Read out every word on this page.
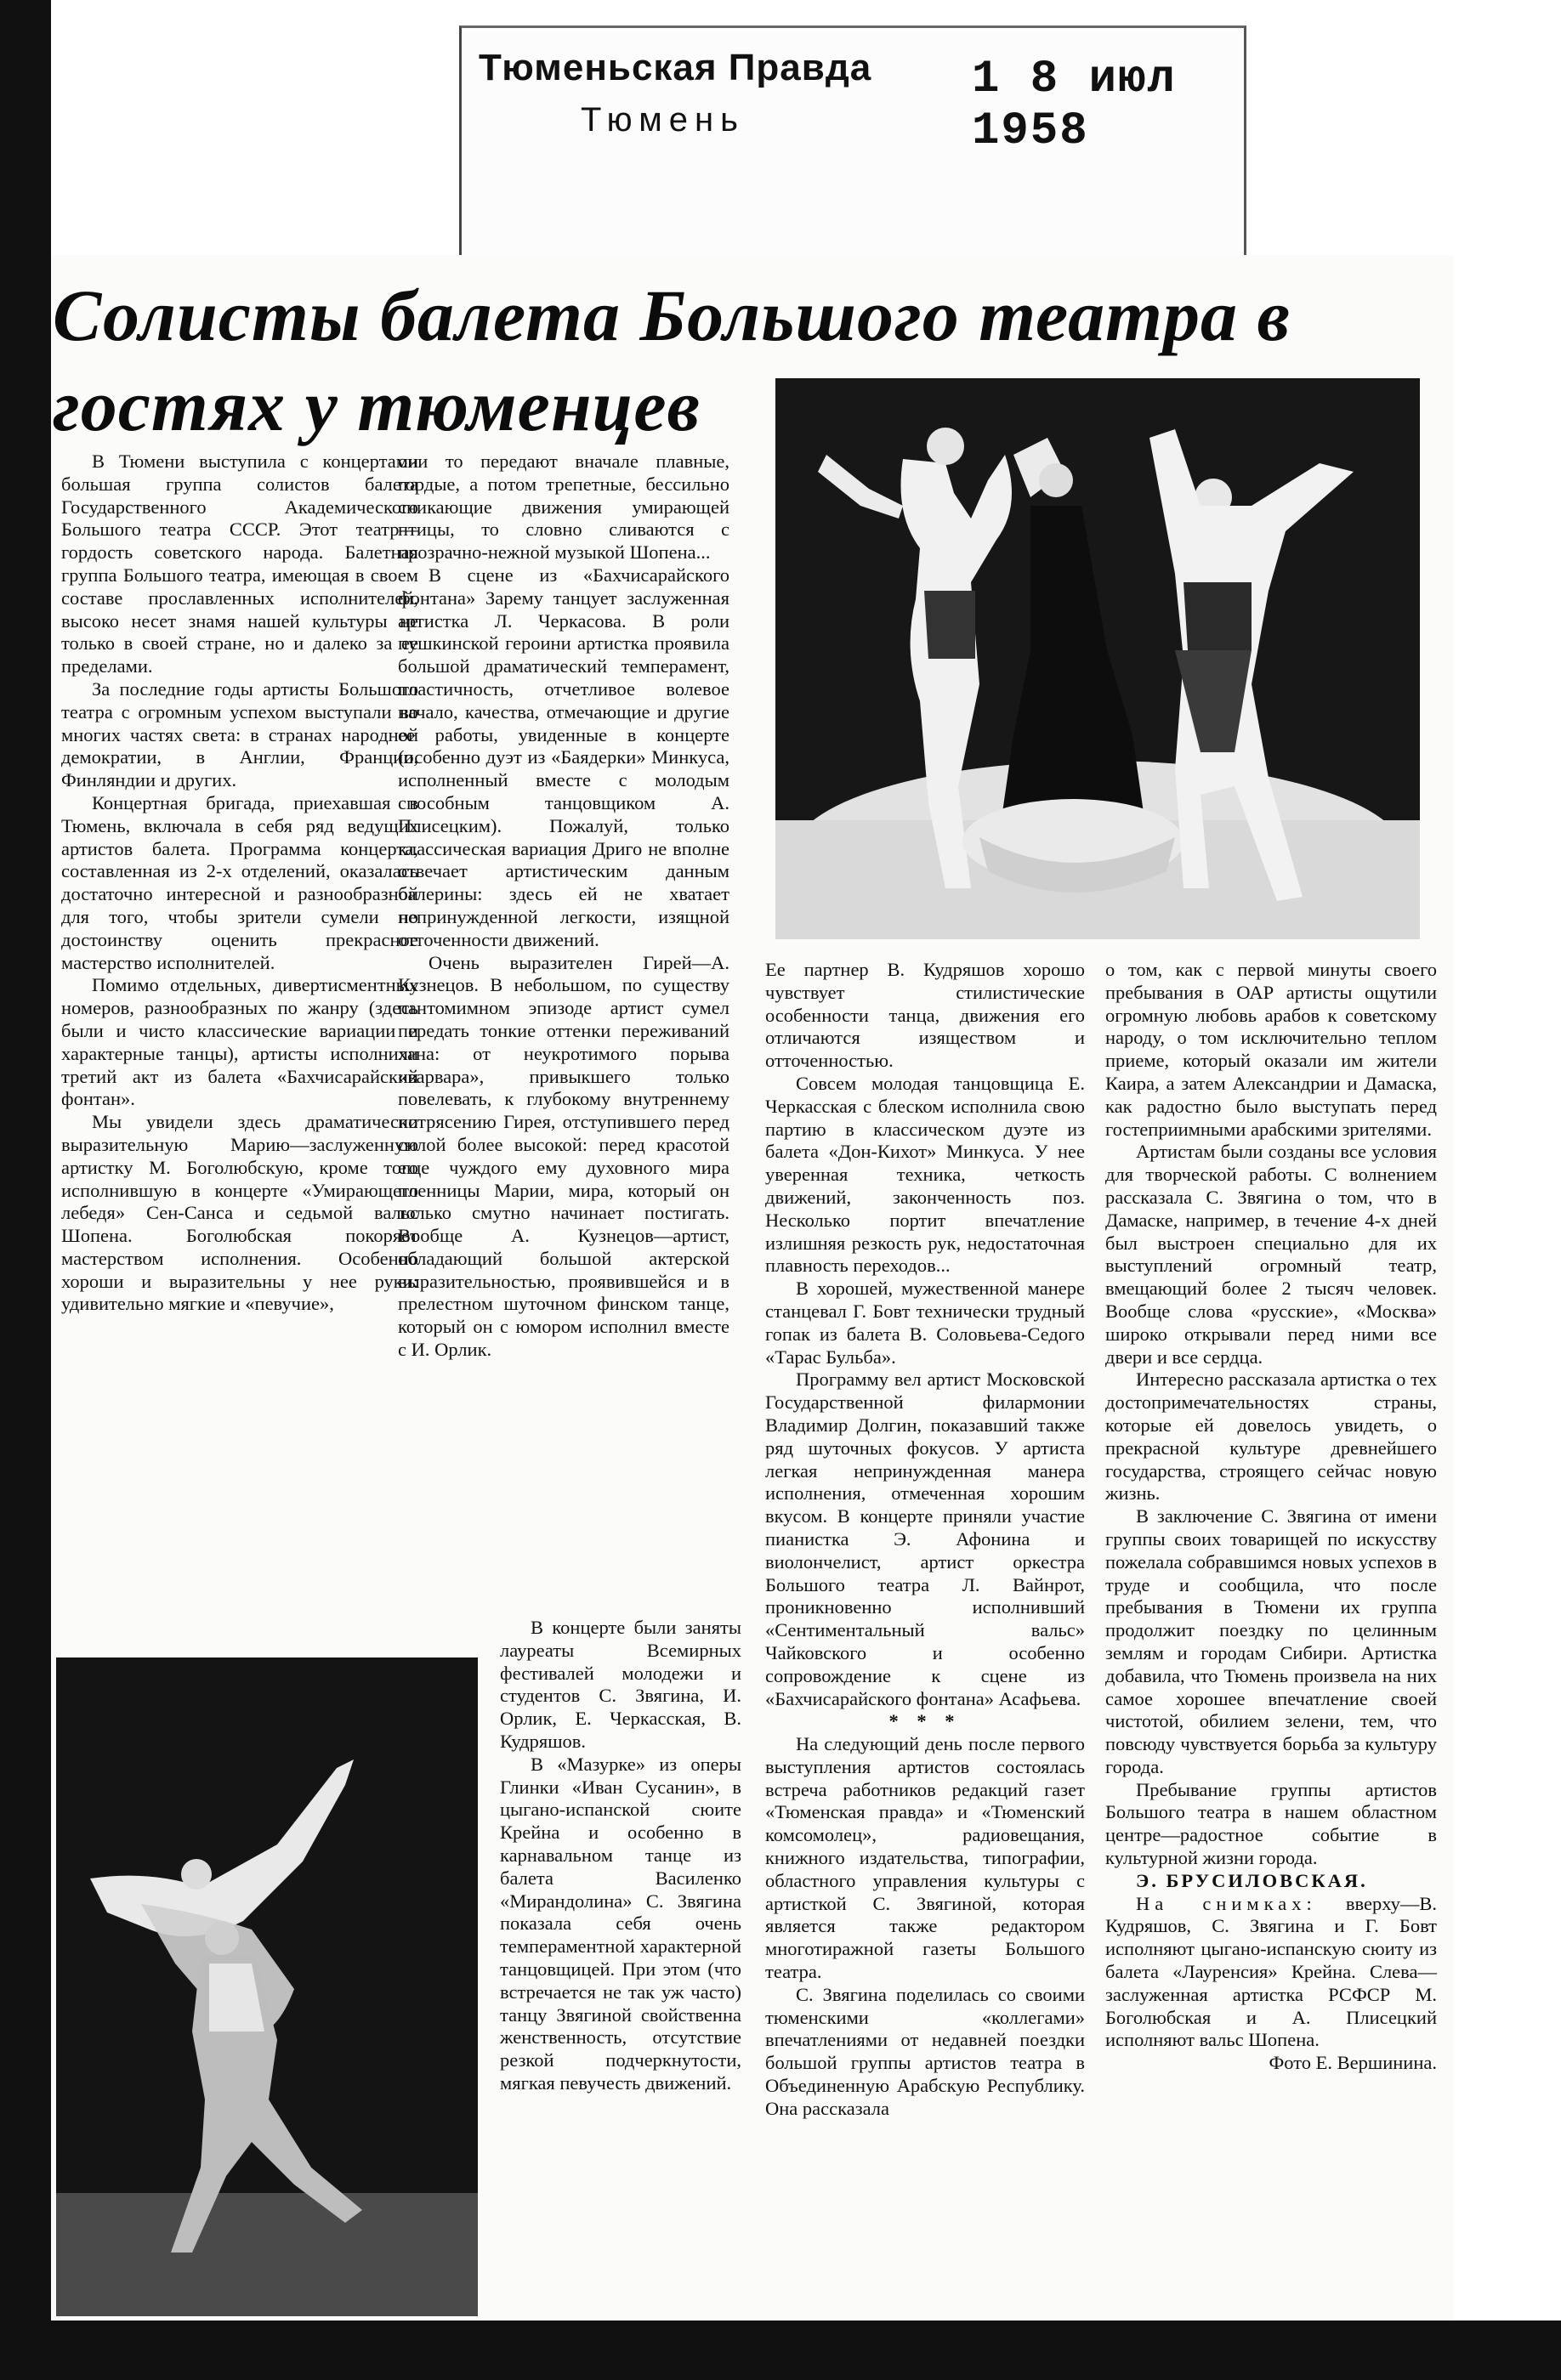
Тюменьская Правда
Тюмень
1 8 июл 1958
Солисты балета Большого театра в гостях у тюменцев

В Тюмени выступила с концертами большая группа солистов балета Государственного Академического Большого театра СССР. Этот театр—гордость советского народа. Балетная группа Большого театра, имеющая в своем составе прославленных исполнителей, высоко несет знамя нашей культуры не только в своей стране, но и далеко за ее пределами.

За последние годы артисты Большого театра с огромным успехом выступали во многих частях света: в странах народной демократии, в Англии, Франции, Финляндии и других.

Концертная бригада, приехавшая в Тюмень, включала в себя ряд ведущих артистов балета. Программа концерта, составленная из 2-х отделений, оказалась достаточно интересной и разнообразной для того, чтобы зрители сумели по достоинству оценить прекрасное мастерство исполнителей.

Помимо отдельных, дивертисментных номеров, разнообразных по жанру (здесь были и чисто классические вариации и характерные танцы), артисты исполнили третий акт из балета «Бахчисарайский фонтан».

Мы увидели здесь драматически выразительную Марию—заслуженную артистку М. Боголюбскую, кроме того исполнившую в концерте «Умирающего лебедя» Сен-Санса и седьмой вальс Шопена. Боголюбская покоряет мастерством исполнения. Особенно хороши и выразительны у нее руки: удивительно мягкие и «певучие»,

они то передают вначале плавные, гордые, а потом трепетные, бессильно сникающие движения умирающей птицы, то словно сливаются с прозрачно-нежной музыкой Шопена...

В сцене из «Бахчисарайского фонтана» Зарему танцует заслуженная артистка Л. Черкасова. В роли пушкинской героини артистка проявила большой драматический темперамент, пластичность, отчетливое волевое начало, качества, отмечающие и другие ее работы, увиденные в концерте (особенно дуэт из «Баядерки» Минкуса, исполненный вместе с молодым способным танцовщиком А. Плисецким). Пожалуй, только классическая вариация Дриго не вполне отвечает артистическим данным балерины: здесь ей не хватает непринужденной легкости, изящной отточенности движений.

Очень выразителен Гирей—А. Кузнецов. В небольшом, по существу пантомимном эпизоде артист сумел передать тонкие оттенки переживаний хана: от неукротимого порыва «варвара», привыкшего только повелевать, к глубокому внутреннему потрясению Гирея, отступившего перед силой более высокой: перед красотой еще чуждого ему духовного мира пленницы Марии, мира, который он только смутно начинает постигать. Вообще А. Кузнецов—артист, обладающий большой актерской выразительностью, проявившейся и в прелестном шуточном финском танце, который он с юмором исполнил вместе с И. Орлик.

В концерте были заняты лауреаты Всемирных фестивалей молодежи и студентов С. Звягина, И. Орлик, Е. Черкасская, В. Кудряшов.

В «Мазурке» из оперы Глинки «Иван Сусанин», в цыгано-испанской сюите Крейна и особенно в карнавальном танце из балета Василенко «Мирандолина» С. Звягина показала себя очень темпераментной характерной танцовщицей. При этом (что встречается не так уж часто) танцу Звягиной свойственна женственность, отсутствие резкой подчеркнутости, мягкая певучесть движений.

Ее партнер В. Кудряшов хорошо чувствует стилистические особенности танца, движения его отличаются изяществом и отточенностью.

Совсем молодая танцовщица Е. Черкасская с блеском исполнила свою партию в классическом дуэте из балета «Дон-Кихот» Минкуса. У нее уверенная техника, четкость движений, законченность поз. Несколько портит впечатление излишняя резкость рук, недостаточная плавность переходов...

В хорошей, мужественной манере станцевал Г. Бовт технически трудный гопак из балета В. Соловьева-Седого «Тарас Бульба».

Программу вел артист Московской Государственной филармонии Владимир Долгин, показавший также ряд шуточных фокусов. У артиста легкая непринужденная манера исполнения, отмеченная хорошим вкусом. В концерте приняли участие пианистка Э. Афонина и виолончелист, артист оркестра Большого театра Л. Вайнрот, проникновенно исполнивший «Сентиментальный вальс» Чайковского и особенно сопровождение к сцене из «Бахчисарайского фонтана» Асафьева.

* * *

На следующий день после первого выступления артистов состоялась встреча работников редакций газет «Тюменская правда» и «Тюменский комсомолец», радиовещания, книжного издательства, типографии, областного управления культуры с артисткой С. Звягиной, которая является также редактором многотиражной газеты Большого театра.

С. Звягина поделилась со своими тюменскими «коллегами» впечатлениями от недавней поездки большой группы артистов театра в Объединенную Арабскую Республику. Она рассказала

о том, как с первой минуты своего пребывания в ОАР артисты ощутили огромную любовь арабов к советскому народу, о том исключительно теплом приеме, который оказали им жители Каира, а затем Александрии и Дамаска, как радостно было выступать перед гостеприимными арабскими зрителями.

Артистам были созданы все условия для творческой работы. С волнением рассказала С. Звягина о том, что в Дамаске, например, в течение 4-х дней был выстроен специально для их выступлений огромный театр, вмещающий более 2 тысяч человек. Вообще слова «русские», «Москва» широко открывали перед ними все двери и все сердца.

Интересно рассказала артистка о тех достопримечательностях страны, которые ей довелось увидеть, о прекрасной культуре древнейшего государства, строящего сейчас новую жизнь.

В заключение С. Звягина от имени группы своих товарищей по искусству пожелала собравшимся новых успехов в труде и сообщила, что после пребывания в Тюмени их группа продолжит поездку по целинным землям и городам Сибири. Артистка добавила, что Тюмень произвела на них самое хорошее впечатление своей чистотой, обилием зелени, тем, что повсюду чувствуется борьба за культуру города.

Пребывание группы артистов Большого театра в нашем областном центре—радостное событие в культурной жизни города.

Э. БРУСИЛОВСКАЯ.

На снимках: вверху—В. Кудряшов, С. Звягина и Г. Бовт исполняют цыгано-испанскую сюиту из балета «Лауренсия» Крейна. Слева—заслуженная артистка РСФСР М. Боголюбская и А. Плисецкий исполняют вальс Шопена.

Фото Е. Вершинина.
